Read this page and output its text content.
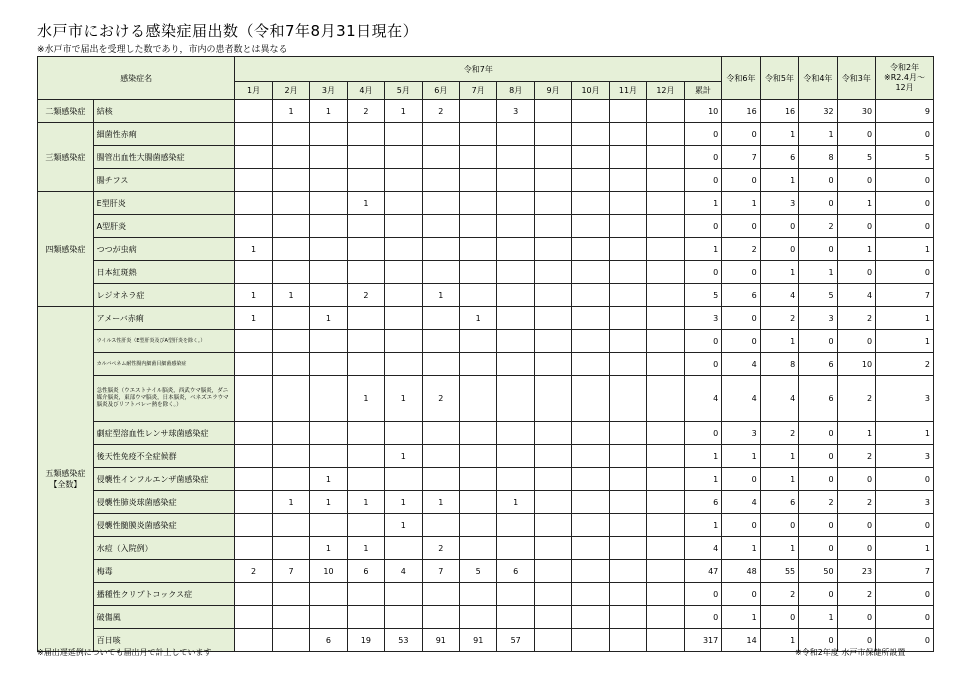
水戸市における感染症届出数（令和7年8月31日現在）
※水戸市で届出を受理した数であり，市内の患者数とは異なる
感染症名		令和7年													令和6年	令和5年	令和4年	令和3年	令和2年
※R2.4月～
12月
		1月	2月	3月	4月	5月	6月	7月	8月	9月	10月	11月	12月	累計					
二類感染症	結核		1	1	2	1	2		3					10	16	16	32	30	9
三類感染症	細菌性赤痢													0	0	1	1	0	0
	腸管出血性大腸菌感染症													0	7	6	8	5	5
	腸チフス													0	0	1	0	0	0
四類感染症	E型肝炎				1									1	1	3	0	1	0
	A型肝炎													0	0	0	2	0	0
	つつが虫病	1												1	2	0	0	1	1
	日本紅斑熱													0	0	1	1	0	0
	レジオネラ症	1	1		2		1							5	6	4	5	4	7
五類感染症
【全数】	アメーバ赤痢	1		1				1						3	0	2	3	2	1
	ウイルス性肝炎（E型肝炎及びA型肝炎を除く。）													0	0	1	0	0	1
	カルバペネム耐性腸内細菌目細菌感染症													0	4	8	6	10	2
	急性脳炎（ウエストナイル脳炎，西武ウマ脳炎，ダニ媒介脳炎，東部ウマ脳炎，日本脳炎，ベネズエラウマ脳炎及びリフトバレー熱を除く。）				1	1	2							4	4	4	6	2	3
	劇症型溶血性レンサ球菌感染症													0	3	2	0	1	1
	後天性免疫不全症候群					1								1	1	1	0	2	3
	侵襲性インフルエンザ菌感染症			1										1	0	1	0	0	0
	侵襲性肺炎球菌感染症		1	1	1	1	1		1					6	4	6	2	2	3
	侵襲性髄膜炎菌感染症					1								1	0	0	0	0	0
	水痘（入院例）			1	1		2							4	1	1	0	0	1
	梅毒	2	7	10	6	4	7	5	6					47	48	55	50	23	7
	播種性クリプトコックス症													0	0	2	0	2	0
	破傷風													0	1	0	1	0	0
	百日咳			6	19	53	91	91	57					317	14	1	0	0	0
※届出遅延例についても届出月で計上しています	※令和2年度 水戸市保健所設置
